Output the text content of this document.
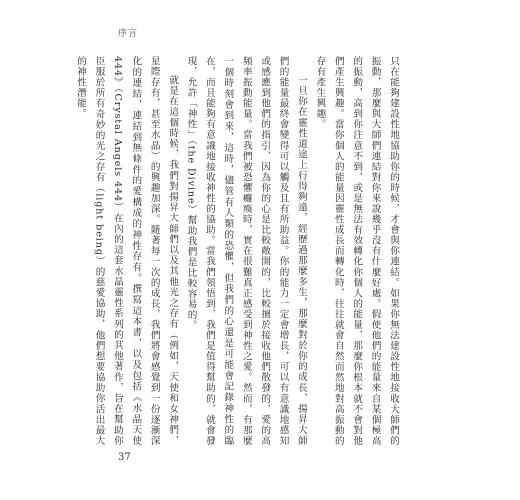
序言

只在能夠建設性地協助你的時候，才會與你連結。如果你無法建設性地接收大師們的振動，那麼與大師們連結對你來說幾乎沒有什麼好處。假使他們的能量來自某個極高的振動，高到你注意不到，或是無法有效轉化你個人的能量，那麼你根本就不會對他們產生興趣。當你個人的能量因靈性成長而轉化時，往往就會自然而然地對高振動的存有產生興趣。

一旦你在靈性道途上行得夠遠，經歷過那麼多生，那麼對於你的成長，揚昇大師們的能量最終會變得可以觸及且有所助益。你的能力一定會增長，可以有意識地感知或感應到他們的指引，因為你的心是比較敞開的，比較擅於接收他們散發的，愛的高頻率振動能量。當我們被恐懼癱瘓時，實在很難真正感受到神性之愛。然而，有那麼一個時刻會到來，這時，儘管有人類的恐懼，但我們的心還是可能會記錄神性的臨在，而且能夠有意識地接收神性的協助。當我們領悟到，我們是值得幫助的，就會發現，允許「神性」（the Divine）幫助我們是比較容易的。

就是在這個時候，我們對揚昇大師們以及其他光之存有（例如，天使和女神們，星際存有，甚至水晶）的興趣加深。隨著每一次的成長，我們將會感覺到一份逐漸深化的連結，連結到無條件的愛構成的神性存有。撰寫這本書，以及包括《水晶天使444》（Crystal Angels 444）在內的這套水晶靈性系列的其他著作，旨在幫助你臣服於所有奇妙的光之存有（light being）的慈愛協助，他們想要協助你活出最大的神性潛能。

37
